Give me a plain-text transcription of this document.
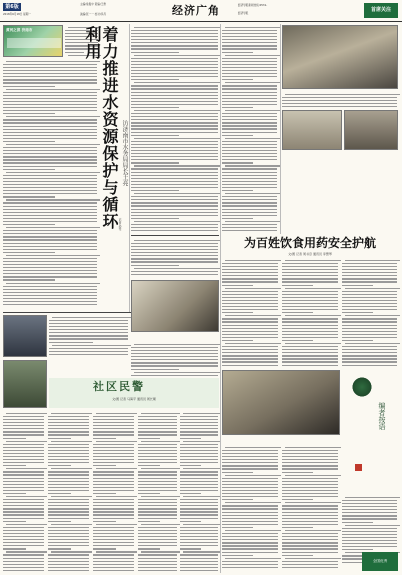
第6版
2018年6月18日 星期一
主编/常振中 责编/王勇
美编/张一一 校对/李丹	经济广角	经济导报新闻热线:0531-
经济导报
首席关注
黄河之滨 济南市	着力推进水资源保护与循环利用
访济南市水务局局长王亮
记者 孙雯
为百姓饮食用药安全护航
文/图 记者 周书章 通讯员 李慧琴
编者按语
社区民警
文/图 记者 马海平 通讯员 周长顺
全国优秀
